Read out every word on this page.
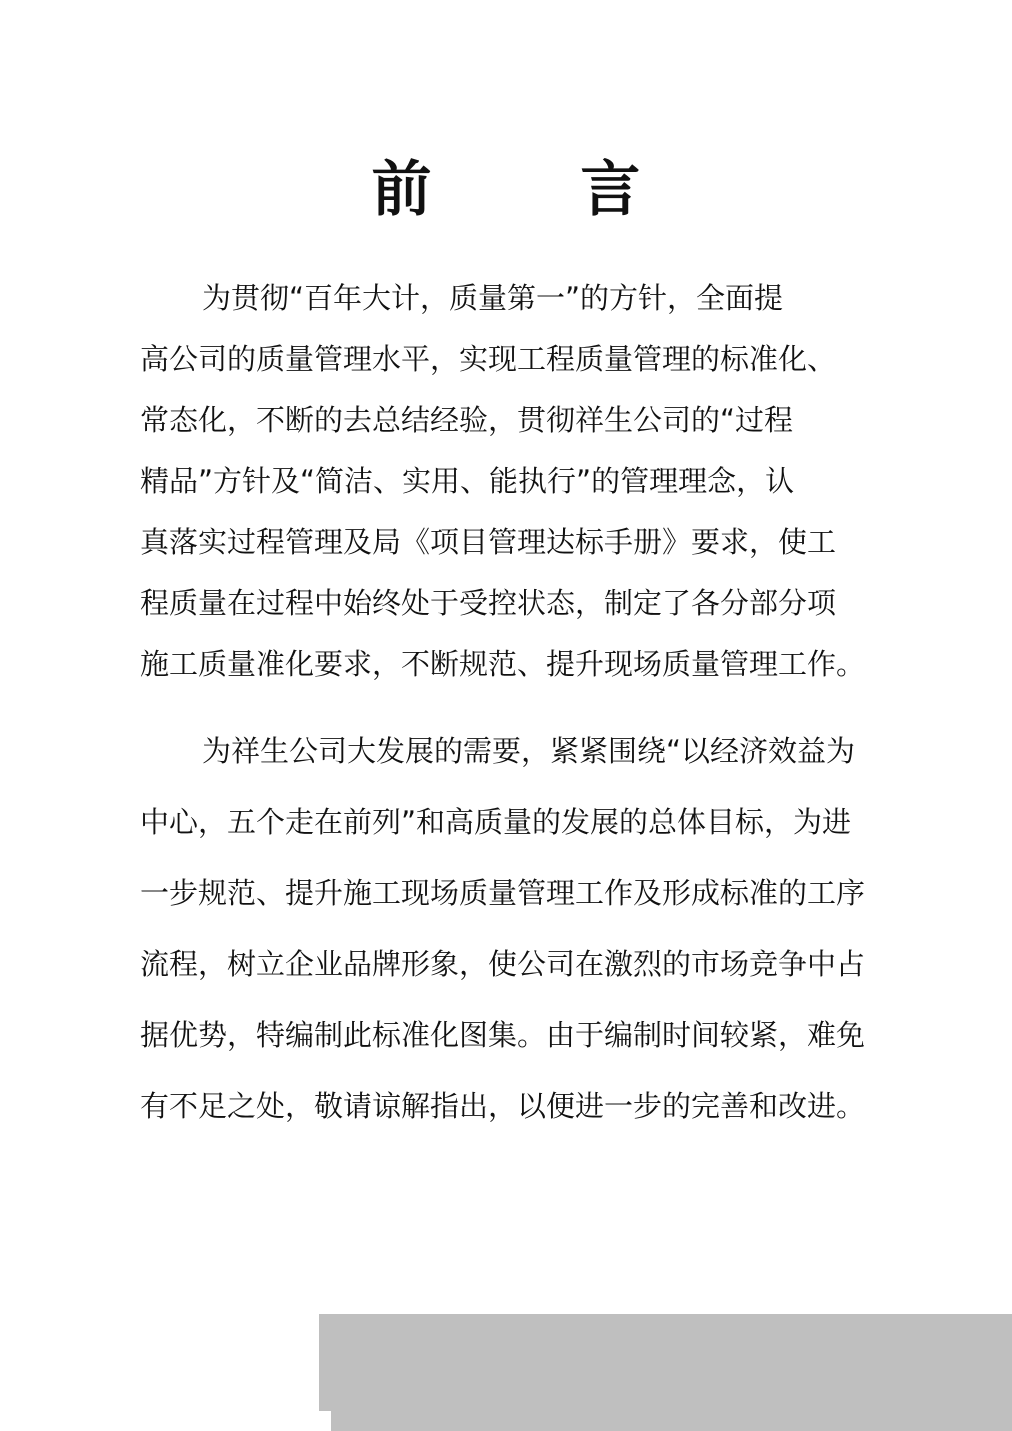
前 言
为贯彻“百年大计，质量第一”的方针，全面提
高公司的质量管理水平，实现工程质量管理的标准化、
常态化，不断的去总结经验，贯彻祥生公司的“过程
精品”方针及“简洁、实用、能执行”的管理理念，认
真落实过程管理及局《项目管理达标手册》要求，使工
程质量在过程中始终处于受控状态，制定了各分部分项
施工质量准化要求，不断规范、提升现场质量管理工作。
为祥生公司大发展的需要，紧紧围绕“以经济效益为
中心，五个走在前列”和高质量的发展的总体目标，为进
一步规范、提升施工现场质量管理工作及形成标准的工序
流程，树立企业品牌形象，使公司在激烈的市场竞争中占
据优势，特编制此标准化图集。由于编制时间较紧，难免
有不足之处，敬请谅解指出，以便进一步的完善和改进。
